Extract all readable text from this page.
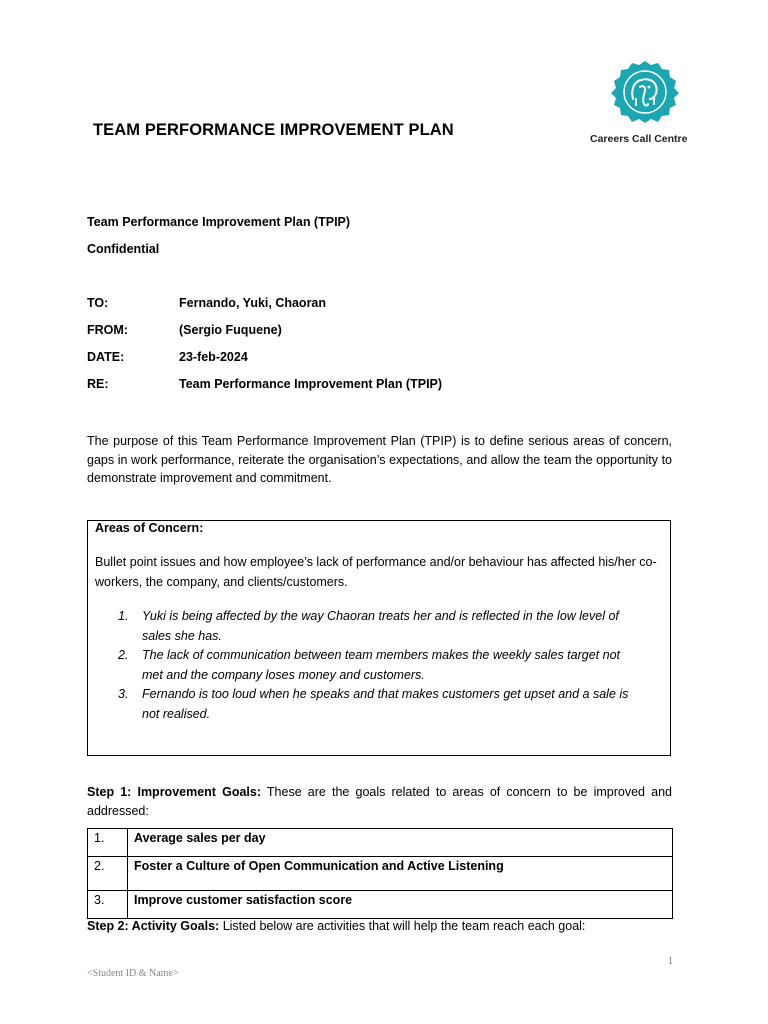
TEAM PERFORMANCE IMPROVEMENT PLAN	Careers Call Centre
Team Performance Improvement Plan (TPIP)
Confidential
TO:	Fernando, Yuki, Chaoran
FROM:	(Sergio Fuquene)
DATE:	23-feb-2024
RE:	Team Performance Improvement Plan (TPIP)
The purpose of this Team Performance Improvement Plan (TPIP) is to define serious areas of concern, gaps in work performance, reiterate the organisation’s expectations, and allow the team the opportunity to demonstrate improvement and commitment.
Areas of Concern:
Bullet point issues and how employee’s lack of performance and/or behaviour has affected his/her co-workers, the company, and clients/customers.
1. Yuki is being affected by the way Chaoran treats her and is reflected in the low level of sales she has.
2. The lack of communication between team members makes the weekly sales target not met and the company loses money and customers.
3. Fernando is too loud when he speaks and that makes customers get upset and a sale is not realised.
Step 1: Improvement Goals: These are the goals related to areas of concern to be improved and addressed:
1.	Average sales per day
2.	Foster a Culture of Open Communication and Active Listening
3.	Improve customer satisfaction score
Step 2: Activity Goals: Listed below are activities that will help the team reach each goal:
1
<Student ID & Name>
